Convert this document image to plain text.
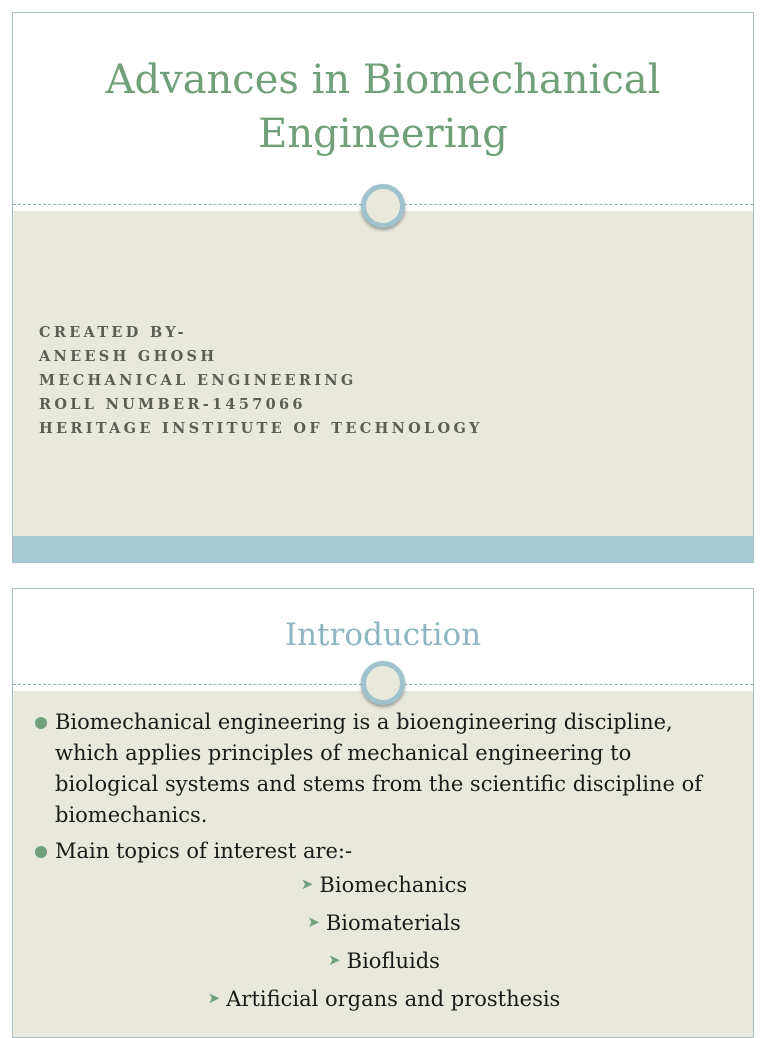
Advances in Biomechanical Engineering
CREATED BY-
ANEESH GHOSH
MECHANICAL ENGINEERING
ROLL NUMBER-1457066
HERITAGE INSTITUTE OF TECHNOLOGY
Introduction
Biomechanical engineering is a bioengineering discipline, which applies principles of mechanical engineering to biological systems and stems from the scientific discipline of biomechanics.
Main topics of interest are:-
➤ Biomechanics
➤ Biomaterials
➤ Biofluids
➤ Artificial organs and prosthesis
